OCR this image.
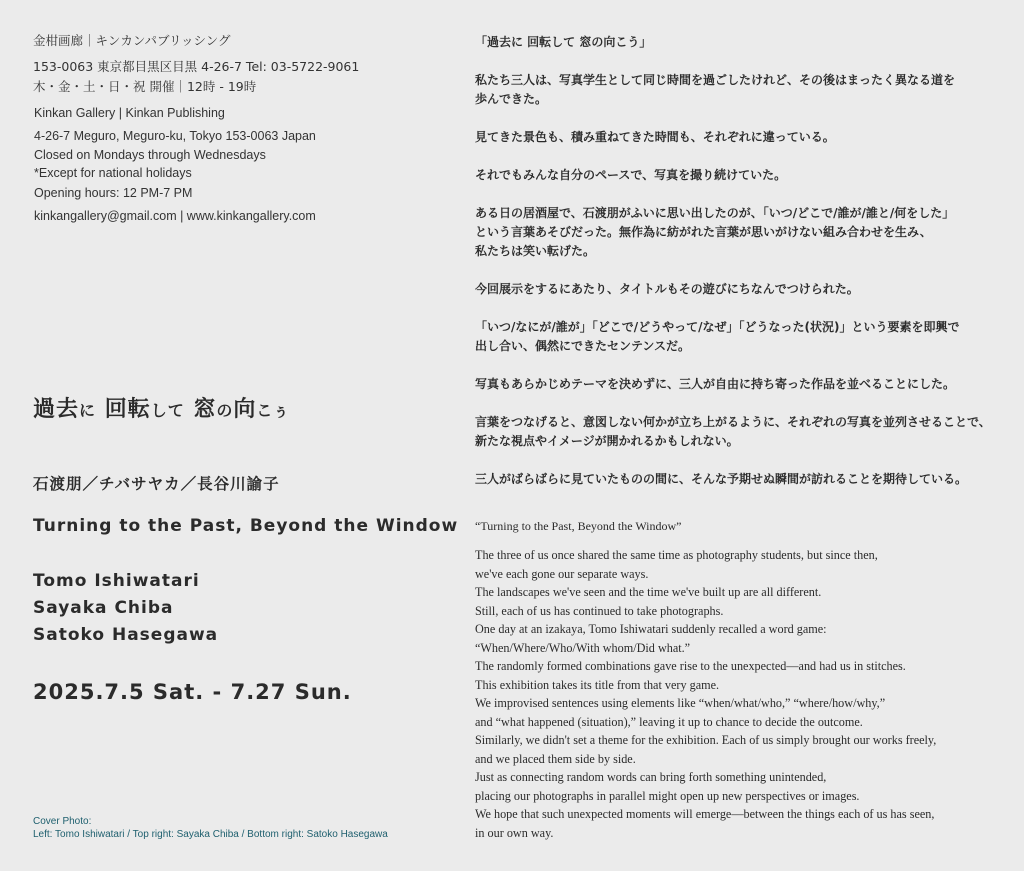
金柑画廊｜キンカンパブリッシング
153-0063 東京都目黒区目黒 4-26-7 Tel: 03-5722-9061
木・金・土・日・祝 開催｜12時 - 19時
Kinkan Gallery | Kinkan Publishing
4-26-7 Meguro, Meguro-ku, Tokyo 153-0063 Japan
Closed on Mondays through Wednesdays
*Except for national holidays
Opening hours: 12 PM-7 PM
kinkangallery@gmail.com | www.kinkangallery.com
過去に 回転して 窓の向こぅ
石渡朋／チバサヤカ／長谷川諭子
Turning to the Past, Beyond the Window
Tomo Ishiwatari
Sayaka Chiba
Satoko Hasegawa
2025.7.5 Sat. - 7.27 Sun.
Cover Photo:
Left: Tomo Ishiwatari / Top right: Sayaka Chiba / Bottom right: Satoko Hasegawa
「過去に 回転して 窓の向こう」
私たち三人は、写真学生として同じ時間を過ごしたけれど、その後はまったく異なる道を
歩んできた。
見てきた景色も、積み重ねてきた時間も、それぞれに違っている。
それでもみんな自分のペースで、写真を撮り続けていた。
ある日の居酒屋で、石渡朋がふいに思い出したのが、「いつ/どこで/誰が/誰と/何をした」
という言葉あそびだった。無作為に紡がれた言葉が思いがけない組み合わせを生み、
私たちは笑い転げた。
今回展示をするにあたり、タイトルもその遊びにちなんでつけられた。
「いつ/なにが/誰が」「どこで/どうやって/なぜ」「どうなった(状況)」という要素を即興で
出し合い、偶然にできたセンテンスだ。
写真もあらかじめテーマを決めずに、三人が自由に持ち寄った作品を並べることにした。
言葉をつなげると、意図しない何かが立ち上がるように、それぞれの写真を並列させることで、
新たな視点やイメージが開かれるかもしれない。
三人がばらばらに見ていたものの間に、そんな予期せぬ瞬間が訪れることを期待している。
“Turning to the Past, Beyond the Window”
The three of us once shared the same time as photography students, but since then,
we've each gone our separate ways.
The landscapes we've seen and the time we've built up are all different.
Still, each of us has continued to take photographs.
One day at an izakaya, Tomo Ishiwatari suddenly recalled a word game:
“When/Where/Who/With whom/Did what.”
The randomly formed combinations gave rise to the unexpected—and had us in stitches.
This exhibition takes its title from that very game.
We improvised sentences using elements like “when/what/who,” “where/how/why,”
and “what happened (situation),” leaving it up to chance to decide the outcome.
Similarly, we didn't set a theme for the exhibition. Each of us simply brought our works freely,
and we placed them side by side.
Just as connecting random words can bring forth something unintended,
placing our photographs in parallel might open up new perspectives or images.
We hope that such unexpected moments will emerge—between the things each of us has seen,
in our own way.
